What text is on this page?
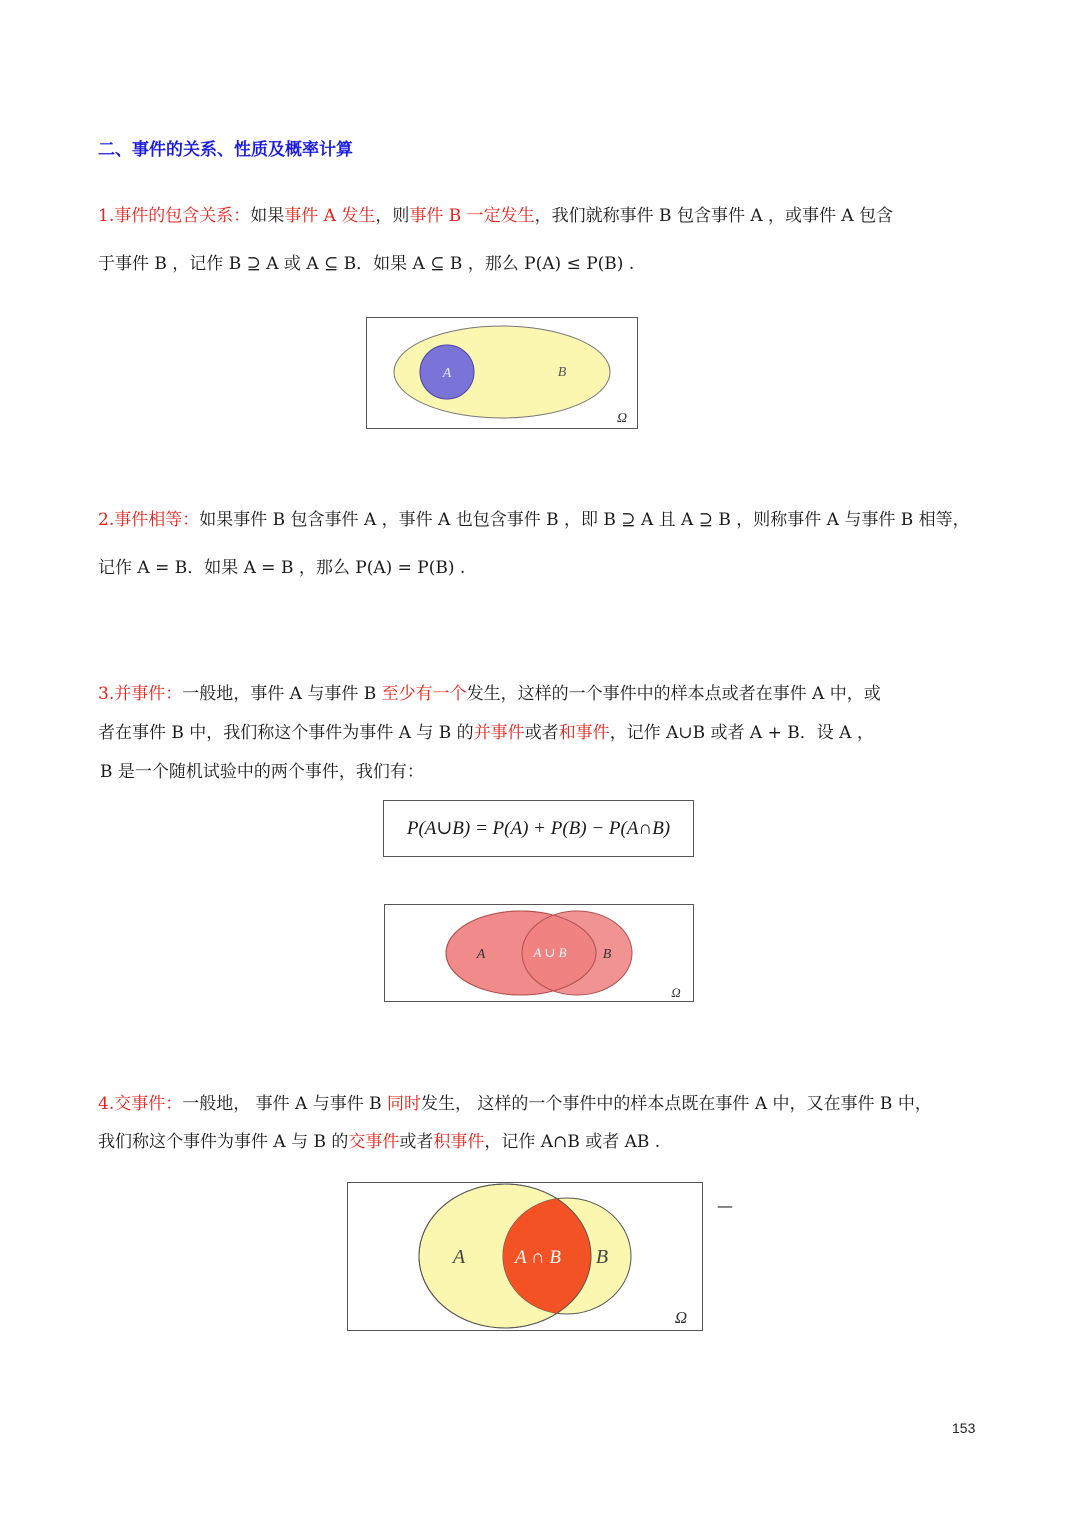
二、事件的关系、性质及概率计算
1.事件的包含关系：如果事件 A 发生，则事件 B 一定发生，我们就称事件 B 包含事件 A ，或事件 A 包含
于事件 B ，记作 B ⊇ A 或 A ⊆ B．如果 A ⊆ B ，那么 P(A) ≤ P(B) .
A	B
Ω
2.事件相等：如果事件 B 包含事件 A ，事件 A 也包含事件 B ，即 B ⊇ A 且 A ⊇ B ，则称事件 A 与事件 B 相等，
记作 A = B．如果 A = B ，那么 P(A) = P(B) .
3.并事件：一般地，事件 A 与事件 B 至少有一个发生，这样的一个事件中的样本点或者在事件 A 中，或
者在事件 B 中，我们称这个事件为事件 A 与 B 的并事件或者和事件，记作 A∪B 或者 A + B．设 A ，
B 是一个随机试验中的两个事件，我们有：
P(A∪B) = P(A) + P(B) − P(A∩B)
A	A ∪ B	B
Ω
4.交事件：一般地， 事件 A 与事件 B 同时发生， 这样的一个事件中的样本点既在事件 A 中，又在事件 B 中，
我们称这个事件为事件 A 与 B 的交事件或者积事件，记作 A∩B 或者 AB .
A	A ∩ B B
Ω
—
153
